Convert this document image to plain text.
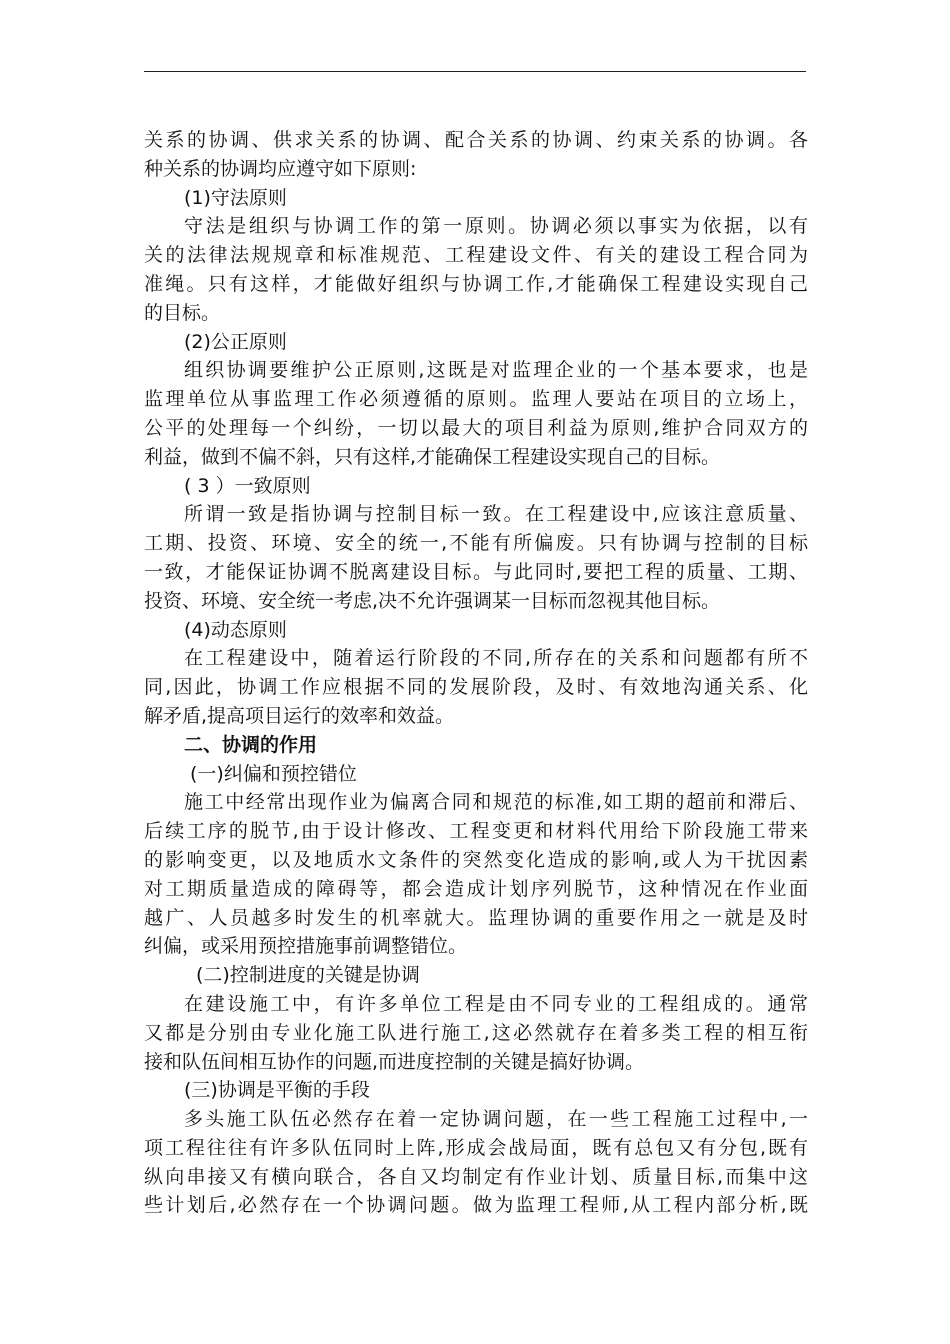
关系的协调、供求关系的协调、配合关系的协调、约束关系的协调。各
种关系的协调均应遵守如下原则:
(1)守法原则
守法是组织与协调工作的第一原则。协调必须以事实为依据，以有
关的法律法规规章和标准规范、工程建设文件、有关的建设工程合同为
准绳。只有这样，才能做好组织与协调工作,才能确保工程建设实现自己
的目标。
(2)公正原则
组织协调要维护公正原则,这既是对监理企业的一个基本要求，也是
监理单位从事监理工作必须遵循的原则。监理人要站在项目的立场上，
公平的处理每一个纠纷，一切以最大的项目利益为原则,维护合同双方的
利益，做到不偏不斜，只有这样,才能确保工程建设实现自己的目标。
( 3 ）一致原则
所谓一致是指协调与控制目标一致。在工程建设中,应该注意质量、
工期、投资、环境、安全的统一,不能有所偏废。只有协调与控制的目标
一致，才能保证协调不脱离建设目标。与此同时,要把工程的质量、工期、
投资、环境、安全统一考虑,决不允许强调某一目标而忽视其他目标。
(4)动态原则
在工程建设中，随着运行阶段的不同,所存在的关系和问题都有所不
同,因此，协调工作应根据不同的发展阶段，及时、有效地沟通关系、化
解矛盾,提高项目运行的效率和效益。
二、协调的作用
(一)纠偏和预控错位
施工中经常出现作业为偏离合同和规范的标准,如工期的超前和滞后、
后续工序的脱节,由于设计修改、工程变更和材料代用给下阶段施工带来
的影响变更，以及地质水文条件的突然变化造成的影响,或人为干扰因素
对工期质量造成的障碍等，都会造成计划序列脱节，这种情况在作业面
越广、人员越多时发生的机率就大。监理协调的重要作用之一就是及时
纠偏，或采用预控措施事前调整错位。
(二)控制进度的关键是协调
在建设施工中，有许多单位工程是由不同专业的工程组成的。通常
又都是分别由专业化施工队进行施工,这必然就存在着多类工程的相互衔
接和队伍间相互协作的问题,而进度控制的关键是搞好协调。
(三)协调是平衡的手段
多头施工队伍必然存在着一定协调问题，在一些工程施工过程中,一
项工程往往有许多队伍同时上阵,形成会战局面，既有总包又有分包,既有
纵向串接又有横向联合，各自又均制定有作业计划、质量目标,而集中这
些计划后,必然存在一个协调问题。做为监理工程师,从工程内部分析,既
